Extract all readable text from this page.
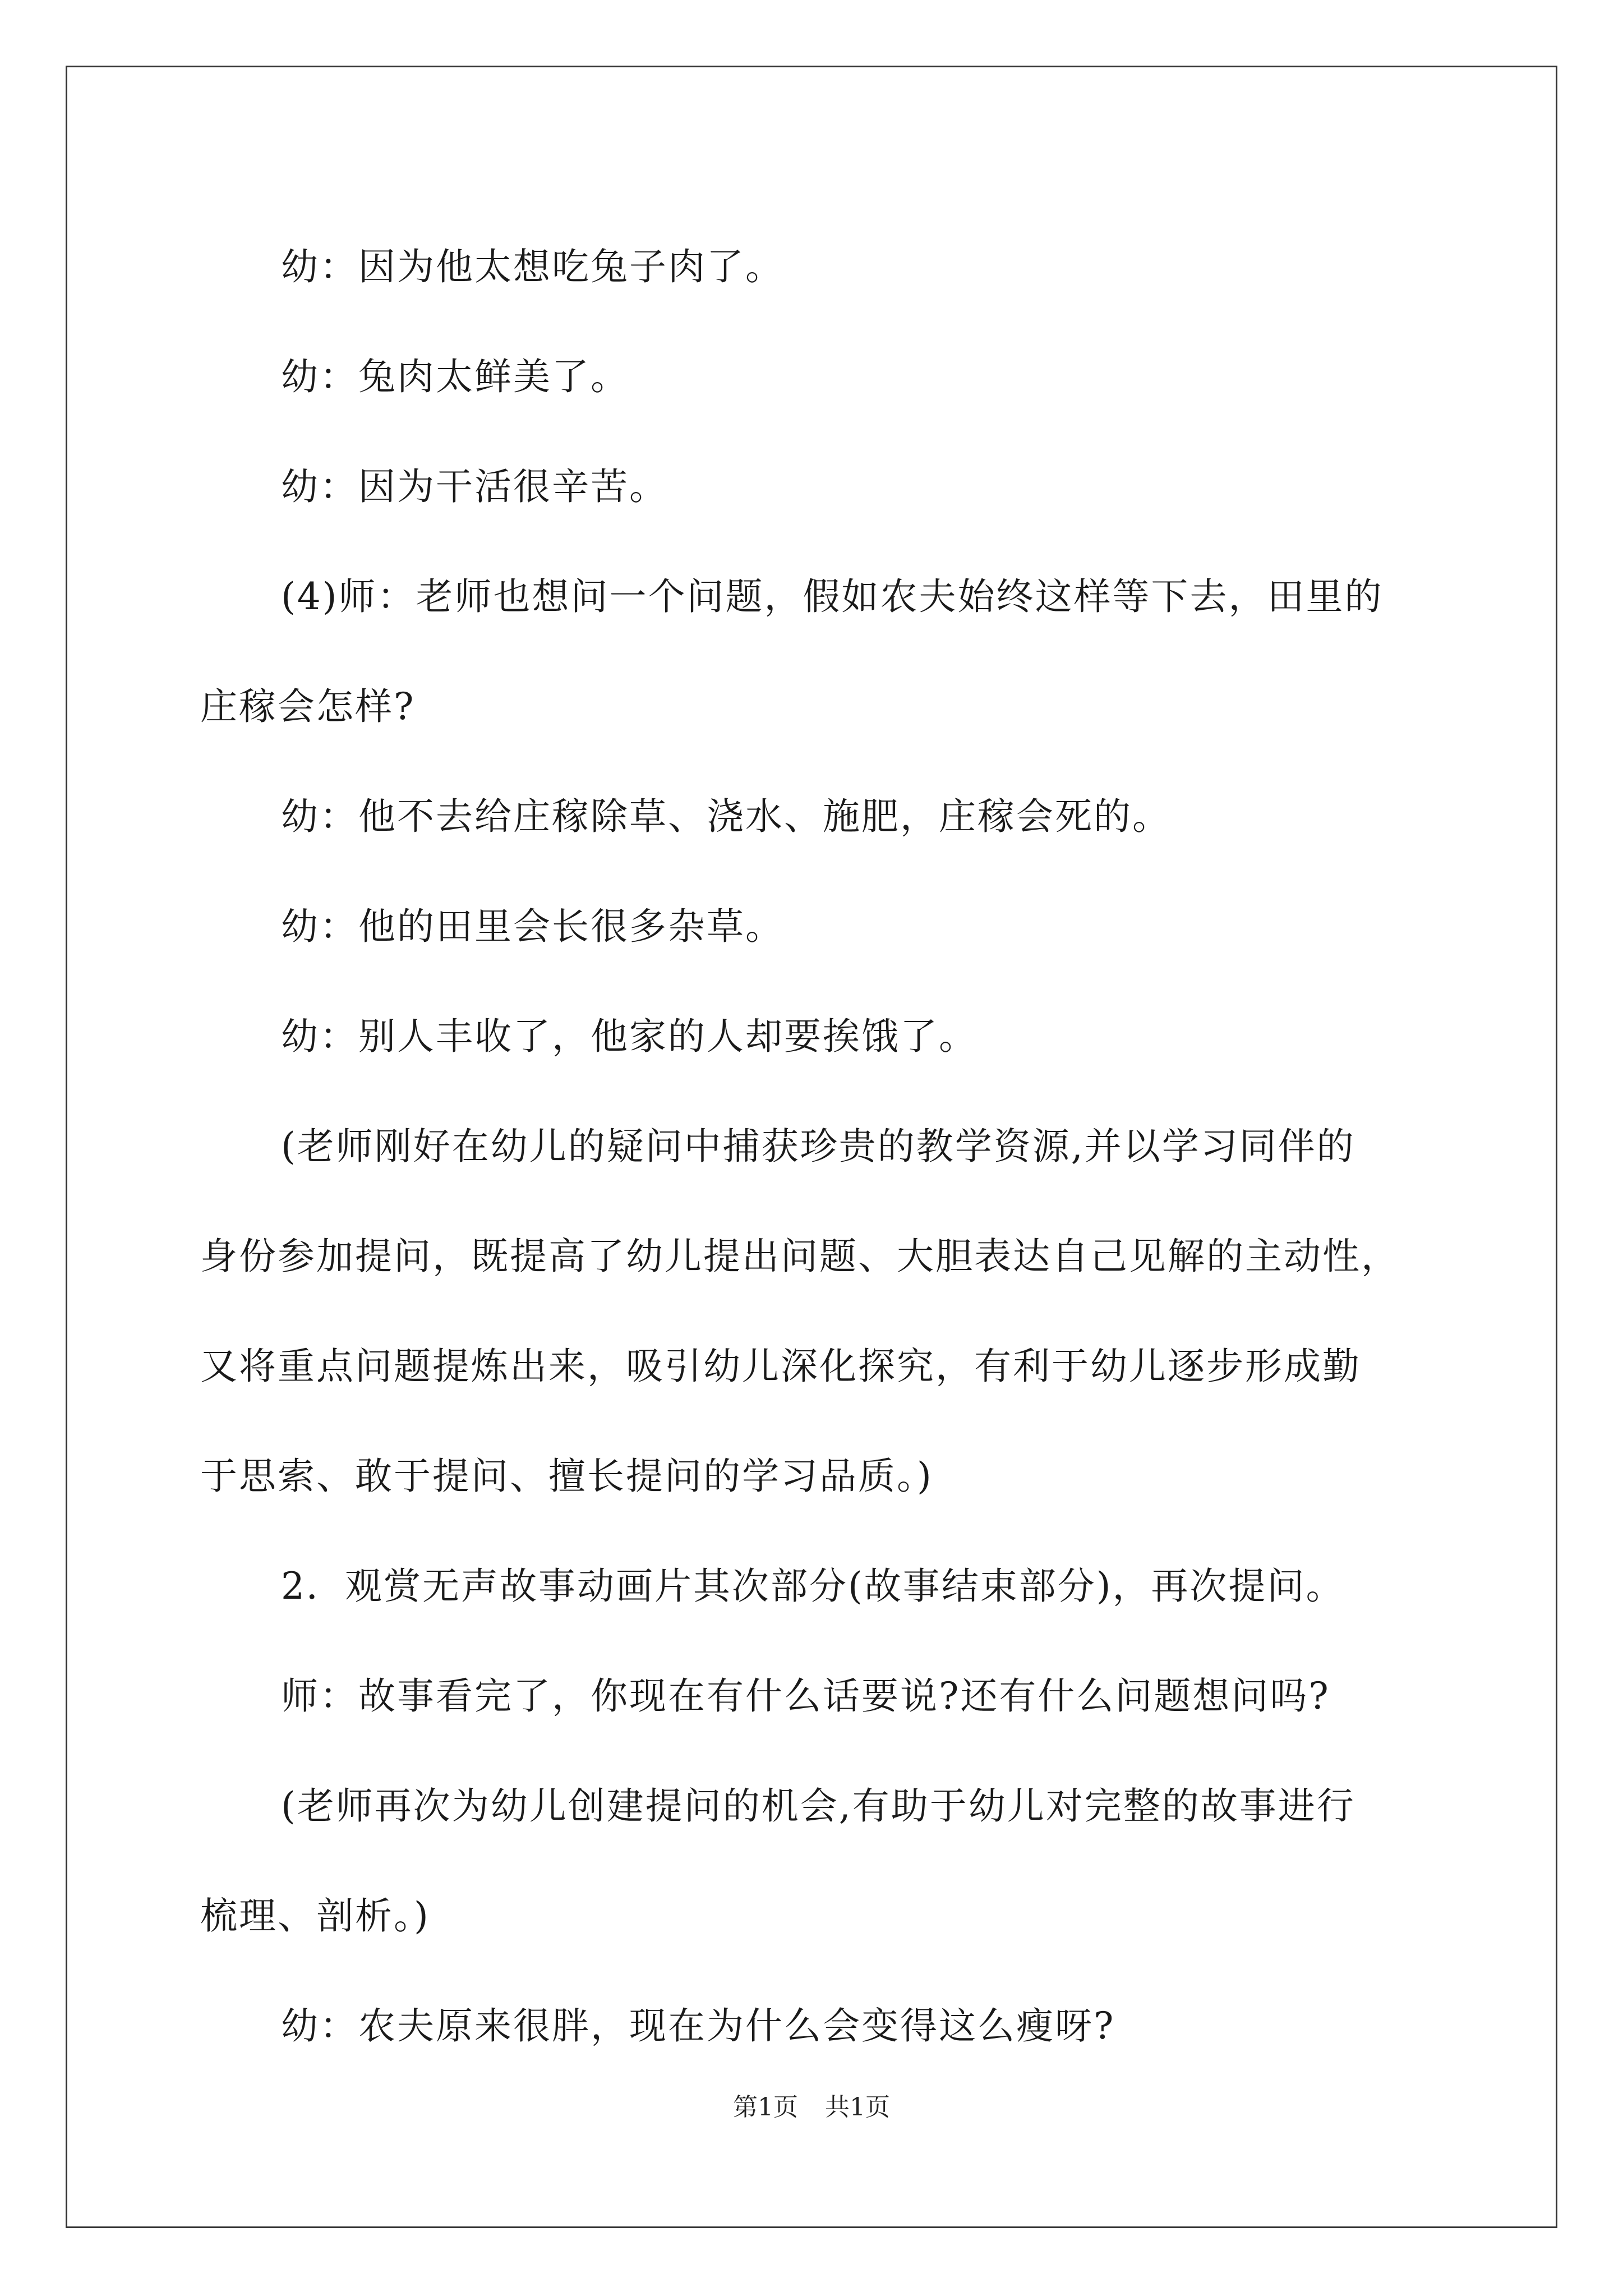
幼：因为他太想吃兔子肉了。

幼：兔肉太鲜美了。

幼：因为干活很辛苦。

(4)师：老师也想问一个问题，假如农夫始终这样等下去，田里的
庄稼会怎样?

幼：他不去给庄稼除草、浇水、施肥，庄稼会死的。

幼：他的田里会长很多杂草。

幼：别人丰收了，他家的人却要挨饿了。

(老师刚好在幼儿的疑问中捕获珍贵的教学资源,并以学习同伴的
身份参加提问，既提高了幼儿提出问题、大胆表达自己见解的主动性，
又将重点问题提炼出来，吸引幼儿深化探究，有利于幼儿逐步形成勤
于思索、敢于提问、擅长提问的学习品质。)

2．观赏无声故事动画片其次部分(故事结束部分)，再次提问。

师：故事看完了，你现在有什么话要说?还有什么问题想问吗?

(老师再次为幼儿创建提问的机会,有助于幼儿对完整的故事进行
梳理、剖析。)

幼：农夫原来很胖，现在为什么会变得这么瘦呀?

第1页 共1页
